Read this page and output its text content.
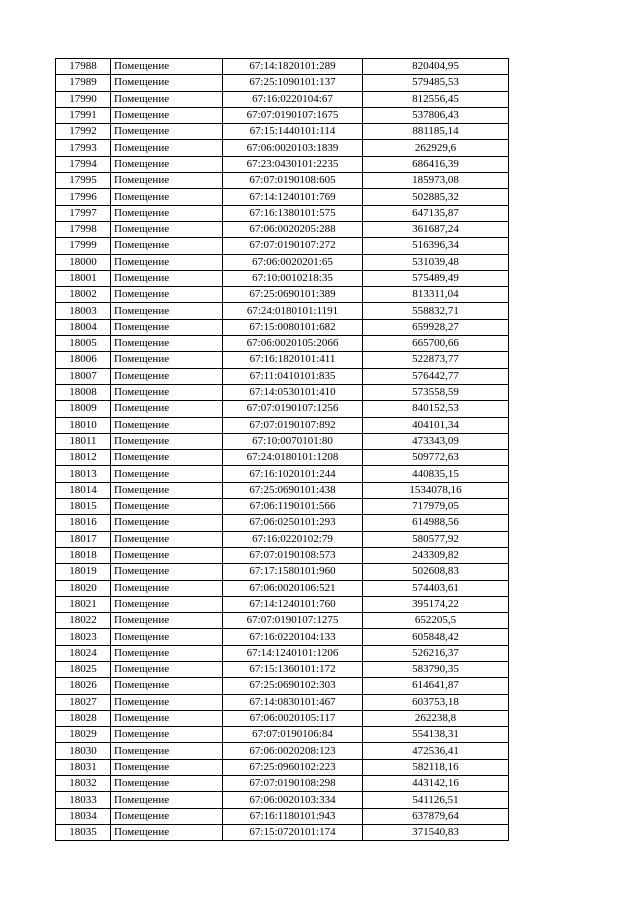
17988	Помещение	67:14:1820101:289	820404,95
17989	Помещение	67:25:1090101:137	579485,53
17990	Помещение	67:16:0220104:67	812556,45
17991	Помещение	67:07:0190107:1675	537806,43
17992	Помещение	67:15:1440101:114	881185,14
17993	Помещение	67:06:0020103:1839	262929,6
17994	Помещение	67:23:0430101:2235	686416,39
17995	Помещение	67:07:0190108:605	185973,08
17996	Помещение	67:14:1240101:769	502885,32
17997	Помещение	67:16:1380101:575	647135,87
17998	Помещение	67:06:0020205:288	361687,24
17999	Помещение	67:07:0190107:272	516396,34
18000	Помещение	67:06:0020201:65	531039,48
18001	Помещение	67:10:0010218:35	575489,49
18002	Помещение	67:25:0690101:389	813311,04
18003	Помещение	67:24:0180101:1191	558832,71
18004	Помещение	67:15:0080101:682	659928,27
18005	Помещение	67:06:0020105:2066	665700,66
18006	Помещение	67:16:1820101:411	522873,77
18007	Помещение	67:11:0410101:835	576442,77
18008	Помещение	67:14:0530101:410	573558,59
18009	Помещение	67:07:0190107:1256	840152,53
18010	Помещение	67:07:0190107:892	404101,34
18011	Помещение	67:10:0070101:80	473343,09
18012	Помещение	67:24:0180101:1208	509772,63
18013	Помещение	67:16:1020101:244	440835,15
18014	Помещение	67:25:0690101:438	1534078,16
18015	Помещение	67:06:1190101:566	717979,05
18016	Помещение	67:06:0250101:293	614988,56
18017	Помещение	67:16:0220102:79	580577,92
18018	Помещение	67:07:0190108:573	243309,82
18019	Помещение	67:17:1580101:960	502608,83
18020	Помещение	67:06:0020106:521	574403,61
18021	Помещение	67:14:1240101:760	395174,22
18022	Помещение	67:07:0190107:1275	652205,5
18023	Помещение	67:16:0220104:133	605848,42
18024	Помещение	67:14:1240101:1206	526216,37
18025	Помещение	67:15:1360101:172	583790,35
18026	Помещение	67:25:0690102:303	614641,87
18027	Помещение	67:14:0830101:467	603753,18
18028	Помещение	67:06:0020105:117	262238,8
18029	Помещение	67:07:0190106:84	554138,31
18030	Помещение	67:06:0020208:123	472536,41
18031	Помещение	67:25:0960102:223	582118,16
18032	Помещение	67:07:0190108:298	443142,16
18033	Помещение	67:06:0020103:334	541126,51
18034	Помещение	67:16:1180101:943	637879,64
18035	Помещение	67:15:0720101:174	371540,83
